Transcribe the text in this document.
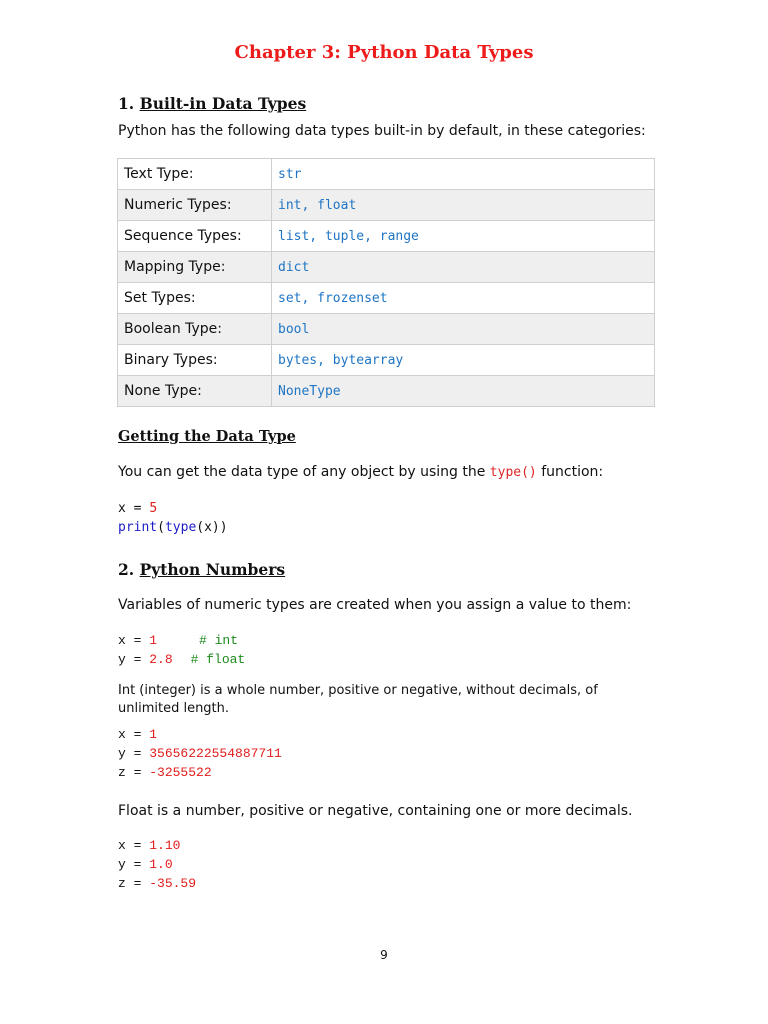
Chapter 3: Python Data Types
1. Built-in Data Types
Python has the following data types built-in by default, in these categories:
Text Type:	str
Numeric Types:	int, float
Sequence Types:	list, tuple, range
Mapping Type:	dict
Set Types:	set, frozenset
Boolean Type:	bool
Binary Types:	bytes, bytearray
None Type:	NoneType
Getting the Data Type
You can get the data type of any object by using the type() function:
x = 5
print(type(x))
2. Python Numbers
Variables of numeric types are created when you assign a value to them:
x = 1	# int
y = 2.8 # float
Int (integer) is a whole number, positive or negative, without decimals, of unlimited length.
x = 1
y = 35656222554887711
z = -3255522
Float is a number, positive or negative, containing one or more decimals.
x = 1.10
y = 1.0
z = -35.59
9
